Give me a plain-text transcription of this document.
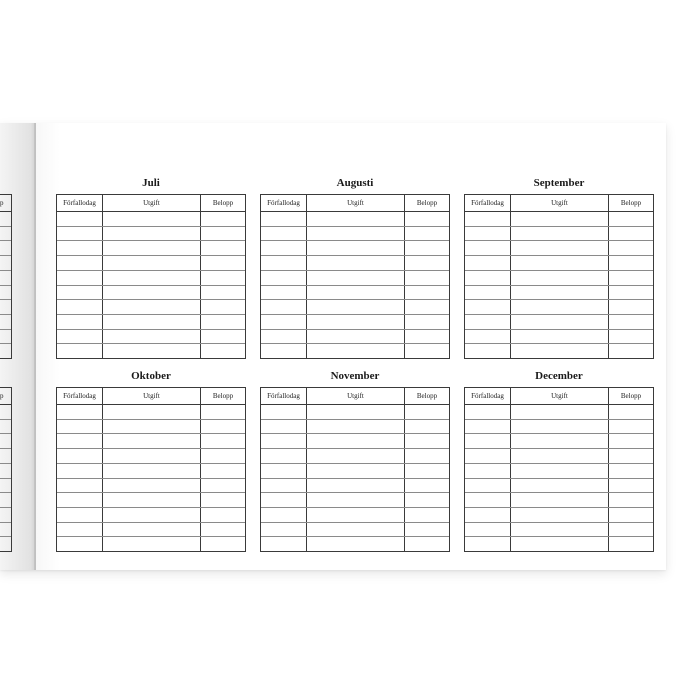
p
p
Juli
Förfallodag	Utgift	Belopp
Augusti
Förfallodag	Utgift	Belopp
September
Förfallodag	Utgift	Belopp
Oktober
Förfallodag	Utgift	Belopp
November
Förfallodag	Utgift	Belopp
December
Förfallodag	Utgift	Belopp
